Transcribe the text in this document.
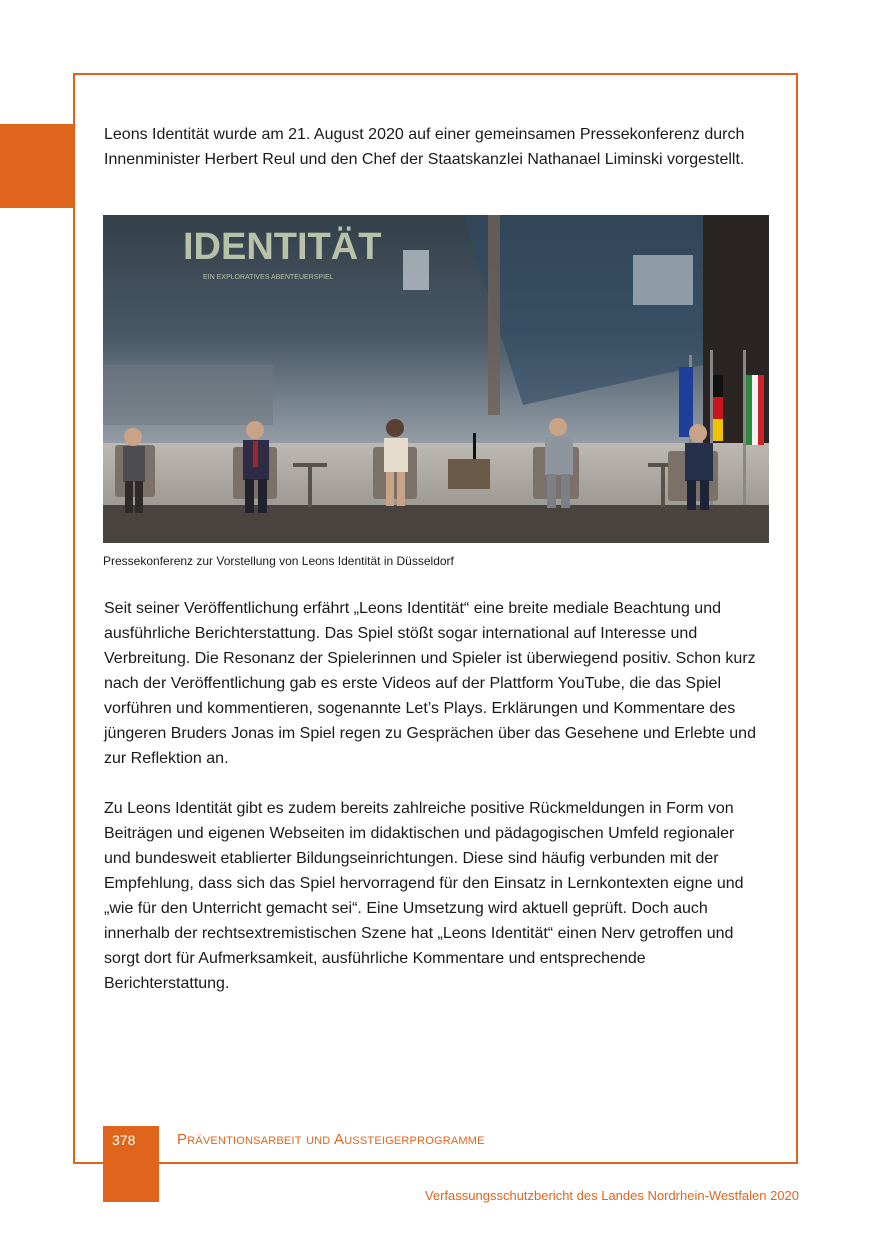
Leons Identität wurde am 21. August 2020 auf einer gemeinsamen Pressekonferenz durch Innenminister Herbert Reul und den Chef der Staatskanzlei Nathanael Liminski vorgestellt.

IDENTITÄT
EIN EXPLORATIVES ABENTEUERSPIEL
Pressekonferenz zur Vorstellung von Leons Identität in Düsseldorf

Seit seiner Veröffentlichung erfährt „Leons Identität“ eine breite mediale Beachtung und ausführliche Berichterstattung. Das Spiel stößt sogar international auf Interesse und Verbreitung. Die Resonanz der Spielerinnen und Spieler ist überwiegend positiv. Schon kurz nach der Veröffentlichung gab es erste Videos auf der Plattform YouTube, die das Spiel vorführen und kommentieren, sogenannte Let’s Plays. Erklärungen und Kommentare des jüngeren Bruders Jonas im Spiel regen zu Gesprächen über das Gesehene und Erlebte und zur Reflektion an.

Zu Leons Identität gibt es zudem bereits zahlreiche positive Rückmeldungen in Form von Beiträgen und eigenen Webseiten im didaktischen und pädagogischen Umfeld regionaler und bundesweit etablierter Bildungseinrichtungen. Diese sind häufig verbunden mit der Empfehlung, dass sich das Spiel hervorragend für den Einsatz in Lernkontexten eigne und „wie für den Unterricht gemacht sei“. Eine Umsetzung wird aktuell geprüft. Doch auch innerhalb der rechtsextremistischen Szene hat „Leons Identität“ einen Nerv getroffen und sorgt dort für Aufmerksamkeit, ausführliche Kommentare und entsprechende Berichterstattung.

378	Präventionsarbeit und Aussteigerprogramme
Verfassungsschutzbericht des Landes Nordrhein-Westfalen 2020
